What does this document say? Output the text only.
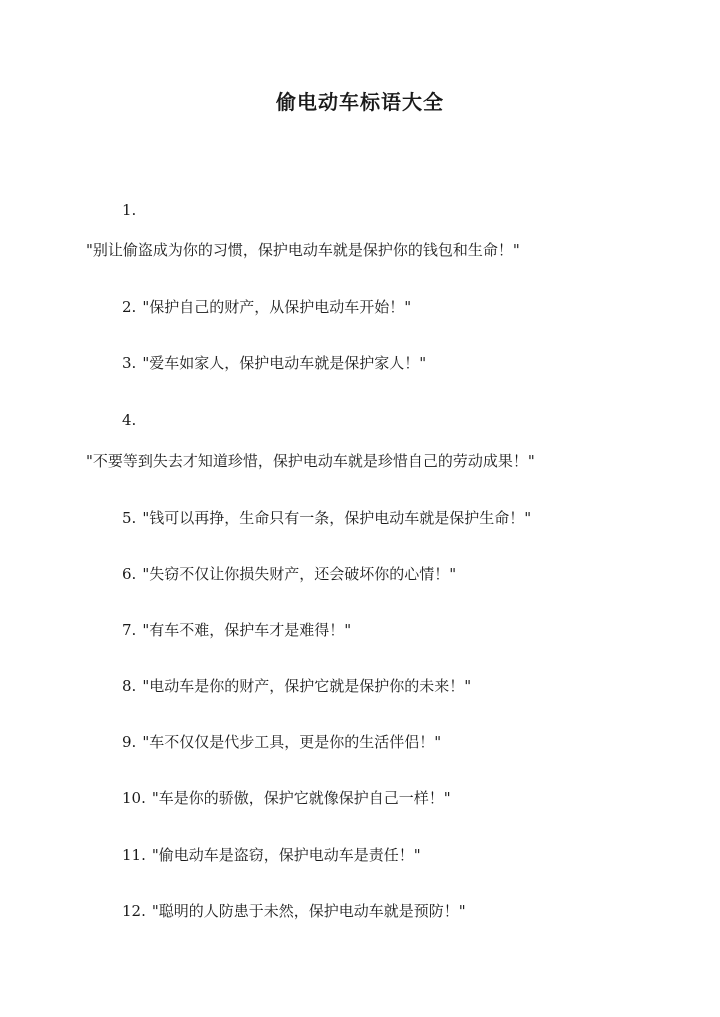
偷电动车标语大全
1.
"别让偷盗成为你的习惯，保护电动车就是保护你的钱包和生命！"
2. "保护自己的财产，从保护电动车开始！"
3. "爱车如家人，保护电动车就是保护家人！"
4.
"不要等到失去才知道珍惜，保护电动车就是珍惜自己的劳动成果！"
5. "钱可以再挣，生命只有一条，保护电动车就是保护生命！"
6. "失窃不仅让你损失财产，还会破坏你的心情！"
7. "有车不难，保护车才是难得！"
8. "电动车是你的财产，保护它就是保护你的未来！"
9. "车不仅仅是代步工具，更是你的生活伴侣！"
10. "车是你的骄傲，保护它就像保护自己一样！"
11. "偷电动车是盗窃，保护电动车是责任！"
12. "聪明的人防患于未然，保护电动车就是预防！"
